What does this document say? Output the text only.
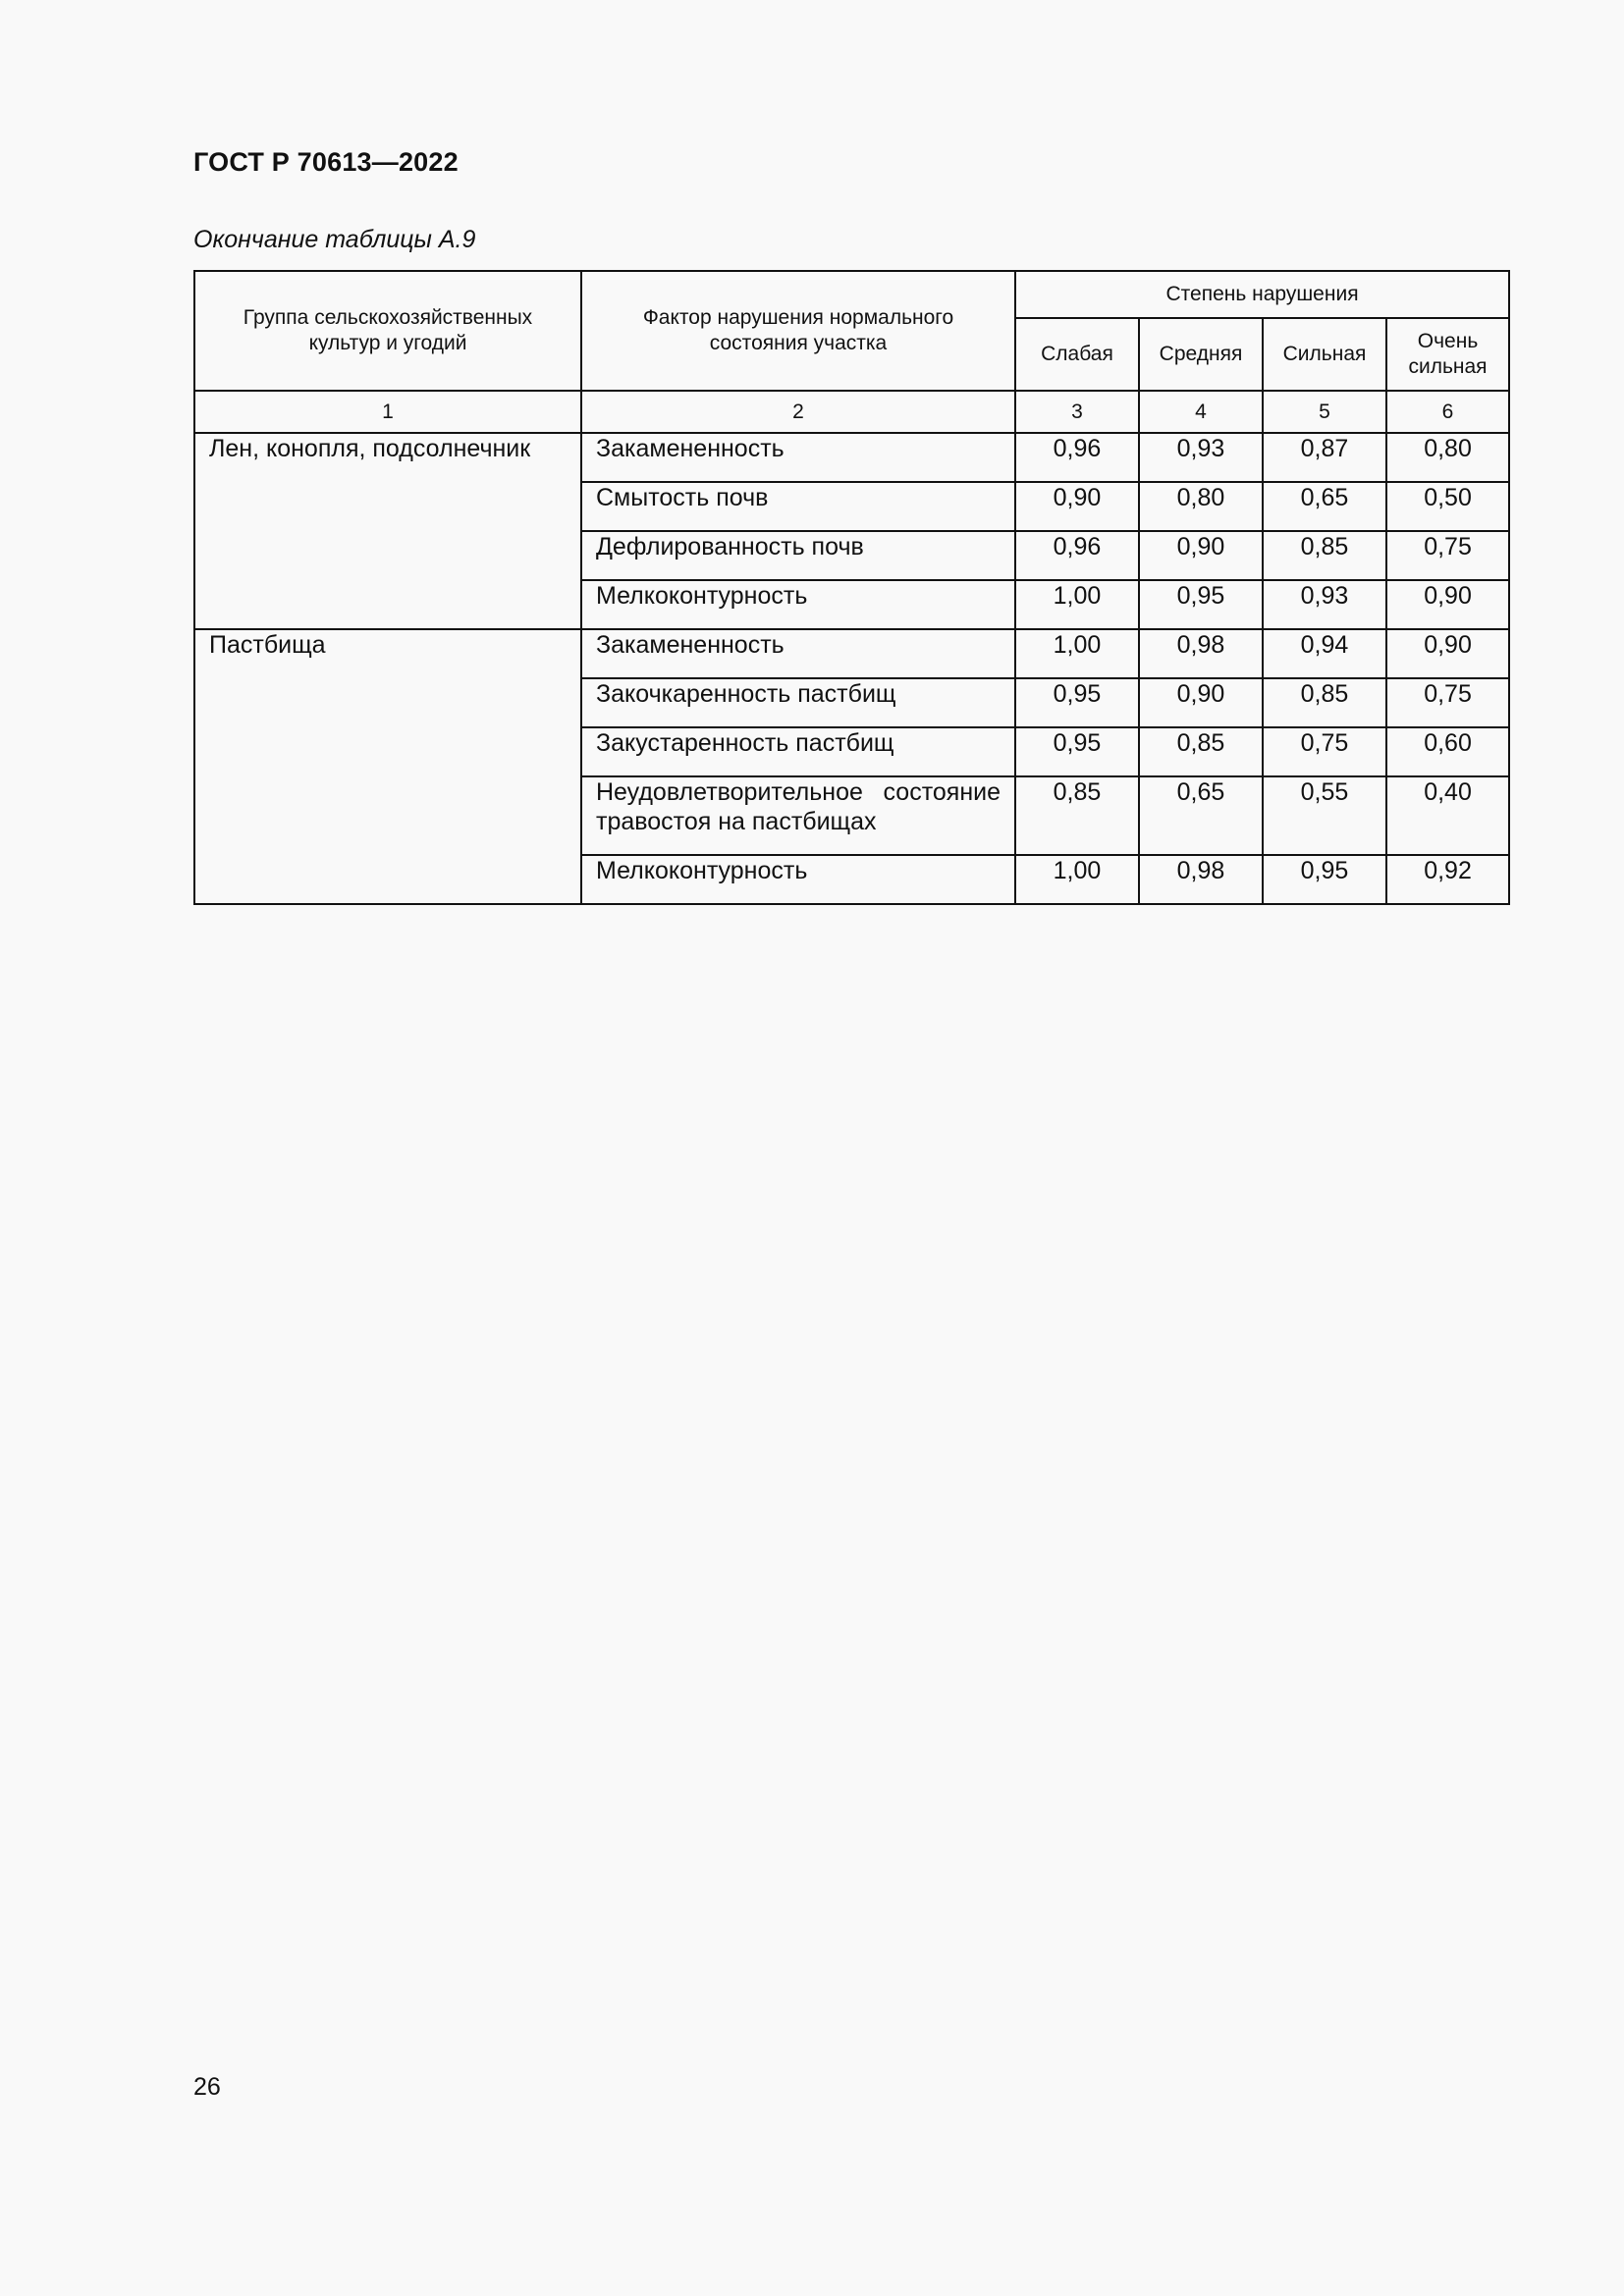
ГОСТ Р 70613—2022
Окончание таблицы А.9
Группа сельскохозяйственных культур и угодий	Фактор нарушения нормального состояния участка	Степень нарушения			
		Слабая	Средняя	Сильная	Очень сильная
1	2	3	4	5	6
Лен, конопля, подсолнечник	Закамененность	0,96	0,93	0,87	0,80
	Смытость почв	0,90	0,80	0,65	0,50
	Дефлированность почв	0,96	0,90	0,85	0,75
	Мелкоконтурность	1,00	0,95	0,93	0,90
Пастбища	Закамененность	1,00	0,98	0,94	0,90
	Закочкаренность пастбищ	0,95	0,90	0,85	0,75
	Закустаренность пастбищ	0,95	0,85	0,75	0,60
	Неудовлетворительное состояние травостоя на пастбищах	0,85	0,65	0,55	0,40
	Мелкоконтурность	1,00	0,98	0,95	0,92
26
